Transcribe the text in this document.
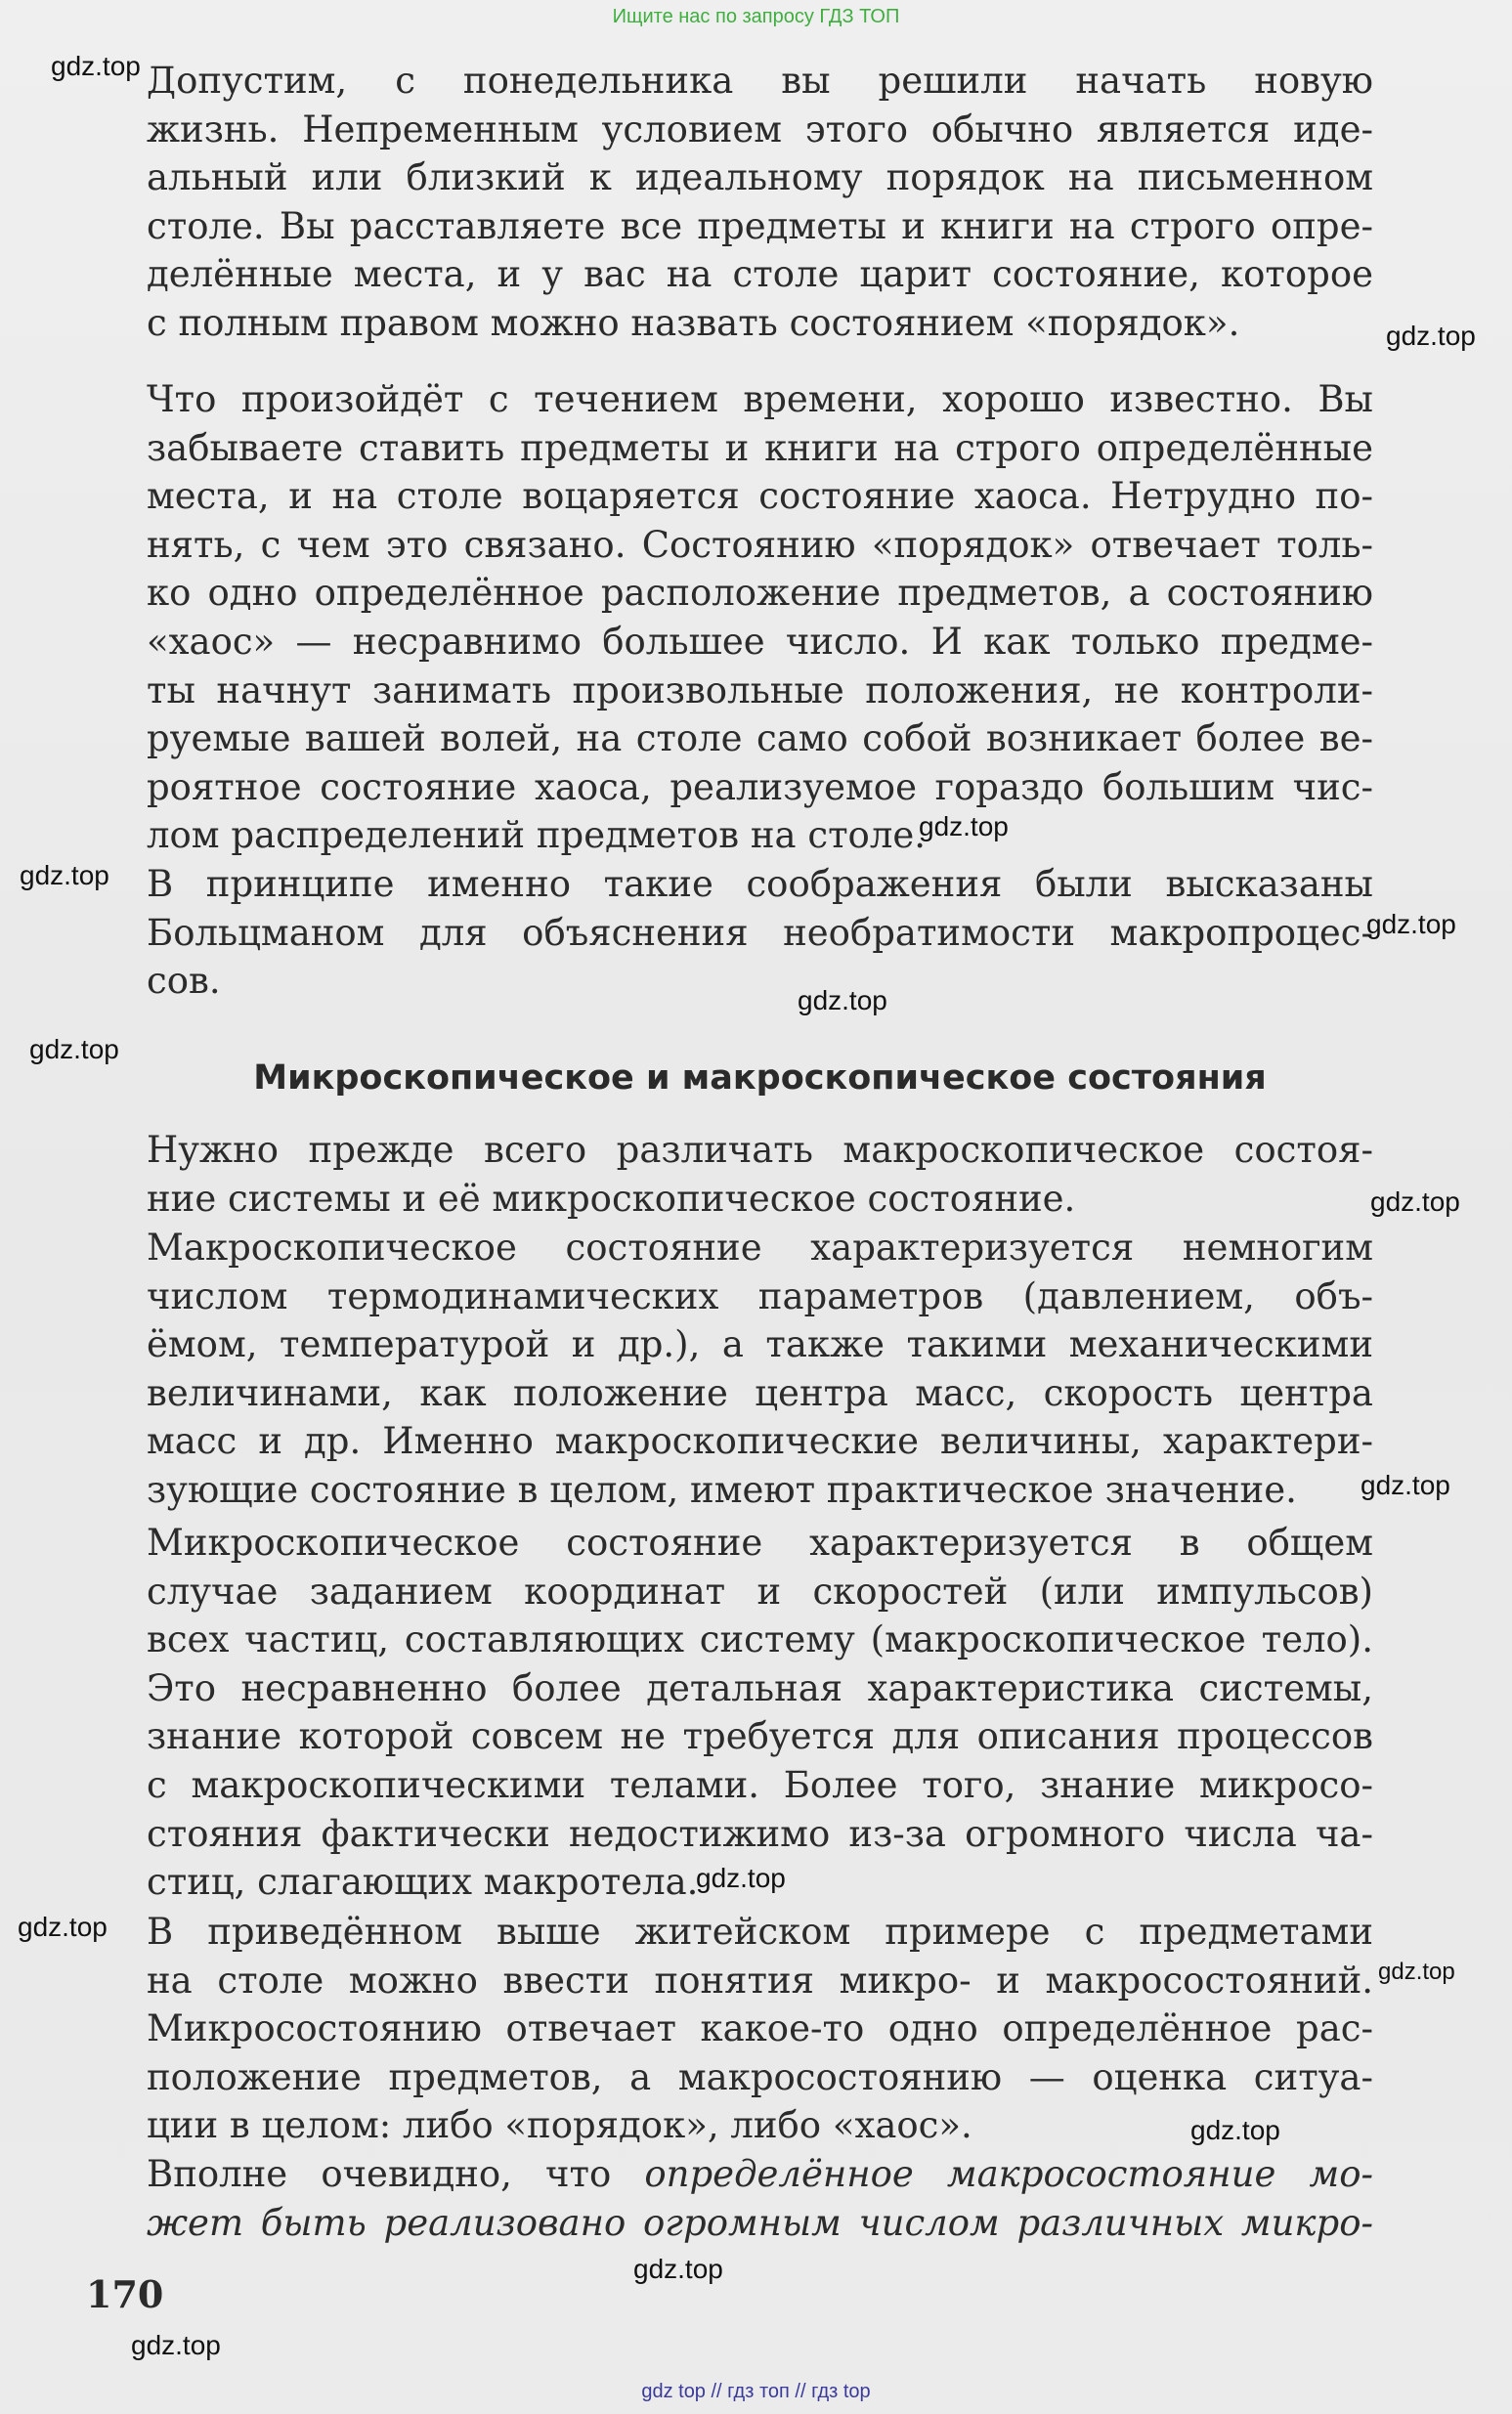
Ищите нас по запросу ГДЗ ТОП
Допустим, с понедельника вы решили начать новую
жизнь. Непременным условием этого обычно является иде-
альный или близкий к идеальному порядок на письменном
столе. Вы расставляете все предметы и книги на строго опре-
делённые места, и у вас на столе царит состояние, которое
с полным правом можно назвать состоянием «порядок».
Что произойдёт с течением времени, хорошо известно. Вы
забываете ставить предметы и книги на строго определённые
места, и на столе воцаряется состояние хаоса. Нетрудно по-
нять, с чем это связано. Состоянию «порядок» отвечает толь-
ко одно определённое расположение предметов, а состоянию
«хаос» — несравнимо большее число. И как только предме-
ты начнут занимать произвольные положения, не контроли-
руемые вашей волей, на столе само собой возникает более ве-
роятное состояние хаоса, реализуемое гораздо большим чис-
лом распределений предметов на столе.
В принципе именно такие соображения были высказаны
Больцманом для объяснения необратимости макропроцес-
сов.
Микроскопическое и макроскопическое состояния
Нужно прежде всего различать макроскопическое состоя-
ние системы и её микроскопическое состояние.
Макроскопическое состояние характеризуется немногим
числом термодинамических параметров (давлением, объ-
ёмом, температурой и др.), а также такими механическими
величинами, как положение центра масс, скорость центра
масс и др. Именно макроскопические величины, характери-
зующие состояние в целом, имеют практическое значение.
Микроскопическое состояние характеризуется в общем
случае заданием координат и скоростей (или импульсов)
всех частиц, составляющих систему (макроскопическое тело).
Это несравненно более детальная характеристика системы,
знание которой совсем не требуется для описания процессов
с макроскопическими телами. Более того, знание микросо-
стояния фактически недостижимо из-за огромного числа ча-
стиц, слагающих макротела.
В приведённом выше житейском примере с предметами
на столе можно ввести понятия микро- и макросостояний.
Микросостоянию отвечает какое-то одно определённое рас-
положение предметов, а макросостоянию — оценка ситуа-
ции в целом: либо «порядок», либо «хаос».
Вполне очевидно, что определённое макросостояние мо-
жет быть реализовано огромным числом различных микро-
170
gdz.top
gdz.top
gdz.top
gdz.top
gdz.top
gdz.top
gdz.top
gdz.top
gdz.top
gdz.top
gdz.top
gdz.top
gdz.top
gdz.top
gdz.top
gdz top // гдз топ // гдз top
